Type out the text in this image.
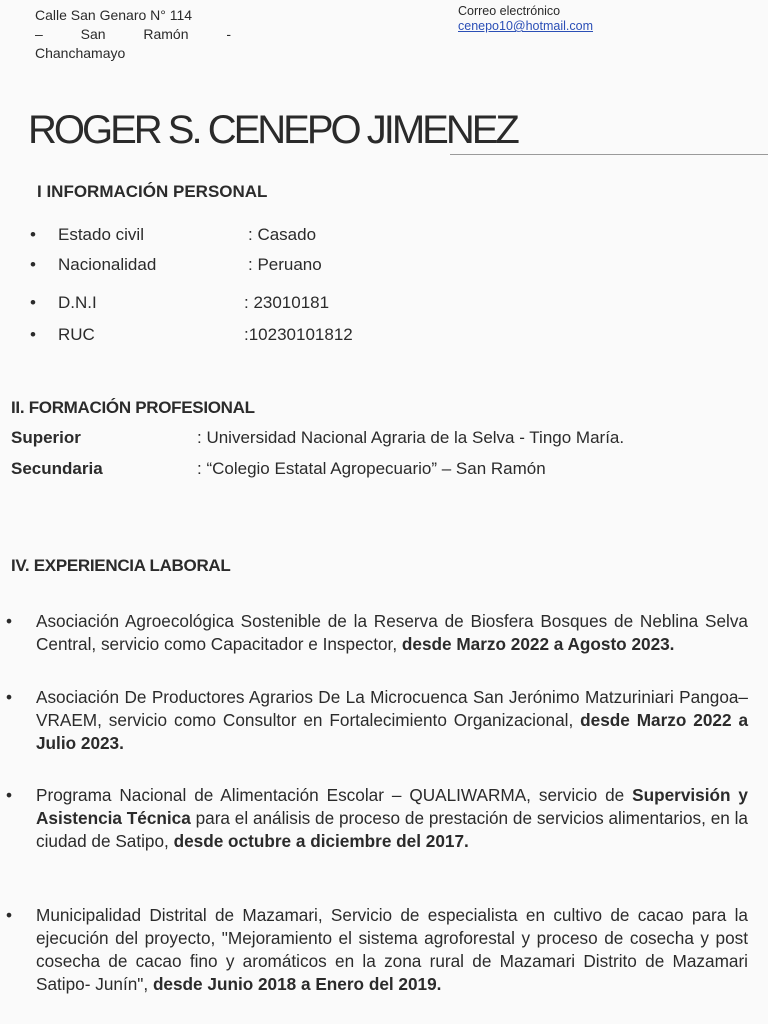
Calle San Genaro N° 114
– San Ramón -
Chanchamayo
Correo electrónico
cenepo10@hotmail.com
ROGER S. CENEPO JIMENEZ
I INFORMACIÓN PERSONAL
• Estado civil	: Casado
• Nacionalidad	: Peruano
• D.N.I	: 23010181
• RUC	:10230101812
II. FORMACIÓN PROFESIONAL
Superior	: Universidad Nacional Agraria de la Selva - Tingo María.
Secundaria	: “Colegio Estatal Agropecuario” – San Ramón
IV. EXPERIENCIA LABORAL
• Asociación Agroecológica Sostenible de la Reserva de Biosfera Bosques de Neblina Selva Central, servicio como Capacitador e Inspector, desde Marzo 2022 a Agosto 2023.
• Asociación De Productores Agrarios De La Microcuenca San Jerónimo Matzuriniari Pangoa– VRAEM, servicio como Consultor en Fortalecimiento Organizacional, desde Marzo 2022 a Julio 2023.
• Programa Nacional de Alimentación Escolar – QUALIWARMA, servicio de Supervisión y Asistencia Técnica para el análisis de proceso de prestación de servicios alimentarios, en la ciudad de Satipo, desde octubre a diciembre del 2017.
• Municipalidad Distrital de Mazamari, Servicio de especialista en cultivo de cacao para la ejecución del proyecto, "Mejoramiento el sistema agroforestal y proceso de cosecha y post cosecha de cacao fino y aromáticos en la zona rural de Mazamari Distrito de Mazamari Satipo- Junín", desde Junio 2018 a Enero del 2019.
